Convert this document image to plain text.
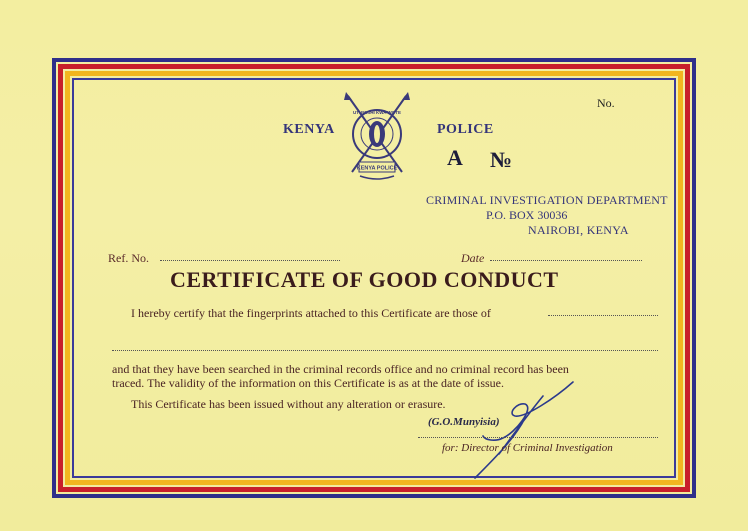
No.
KENYA	POLICE
KENYA POLICE
UTUMISHI KWA WOTE
A №
CRIMINAL INVESTIGATION DEPARTMENT
P.O. BOX 30036
NAIROBI, KENYA
Ref. No.	Date
CERTIFICATE OF GOOD CONDUCT
I hereby certify that the fingerprints attached to this Certificate are those of
and that they have been searched in the criminal records office and no criminal record has been
traced. The validity of the information on this Certificate is as at the date of issue.
This Certificate has been issued without any alteration or erasure.
(G.O.Munyisia)
for: Director of Criminal Investigation
